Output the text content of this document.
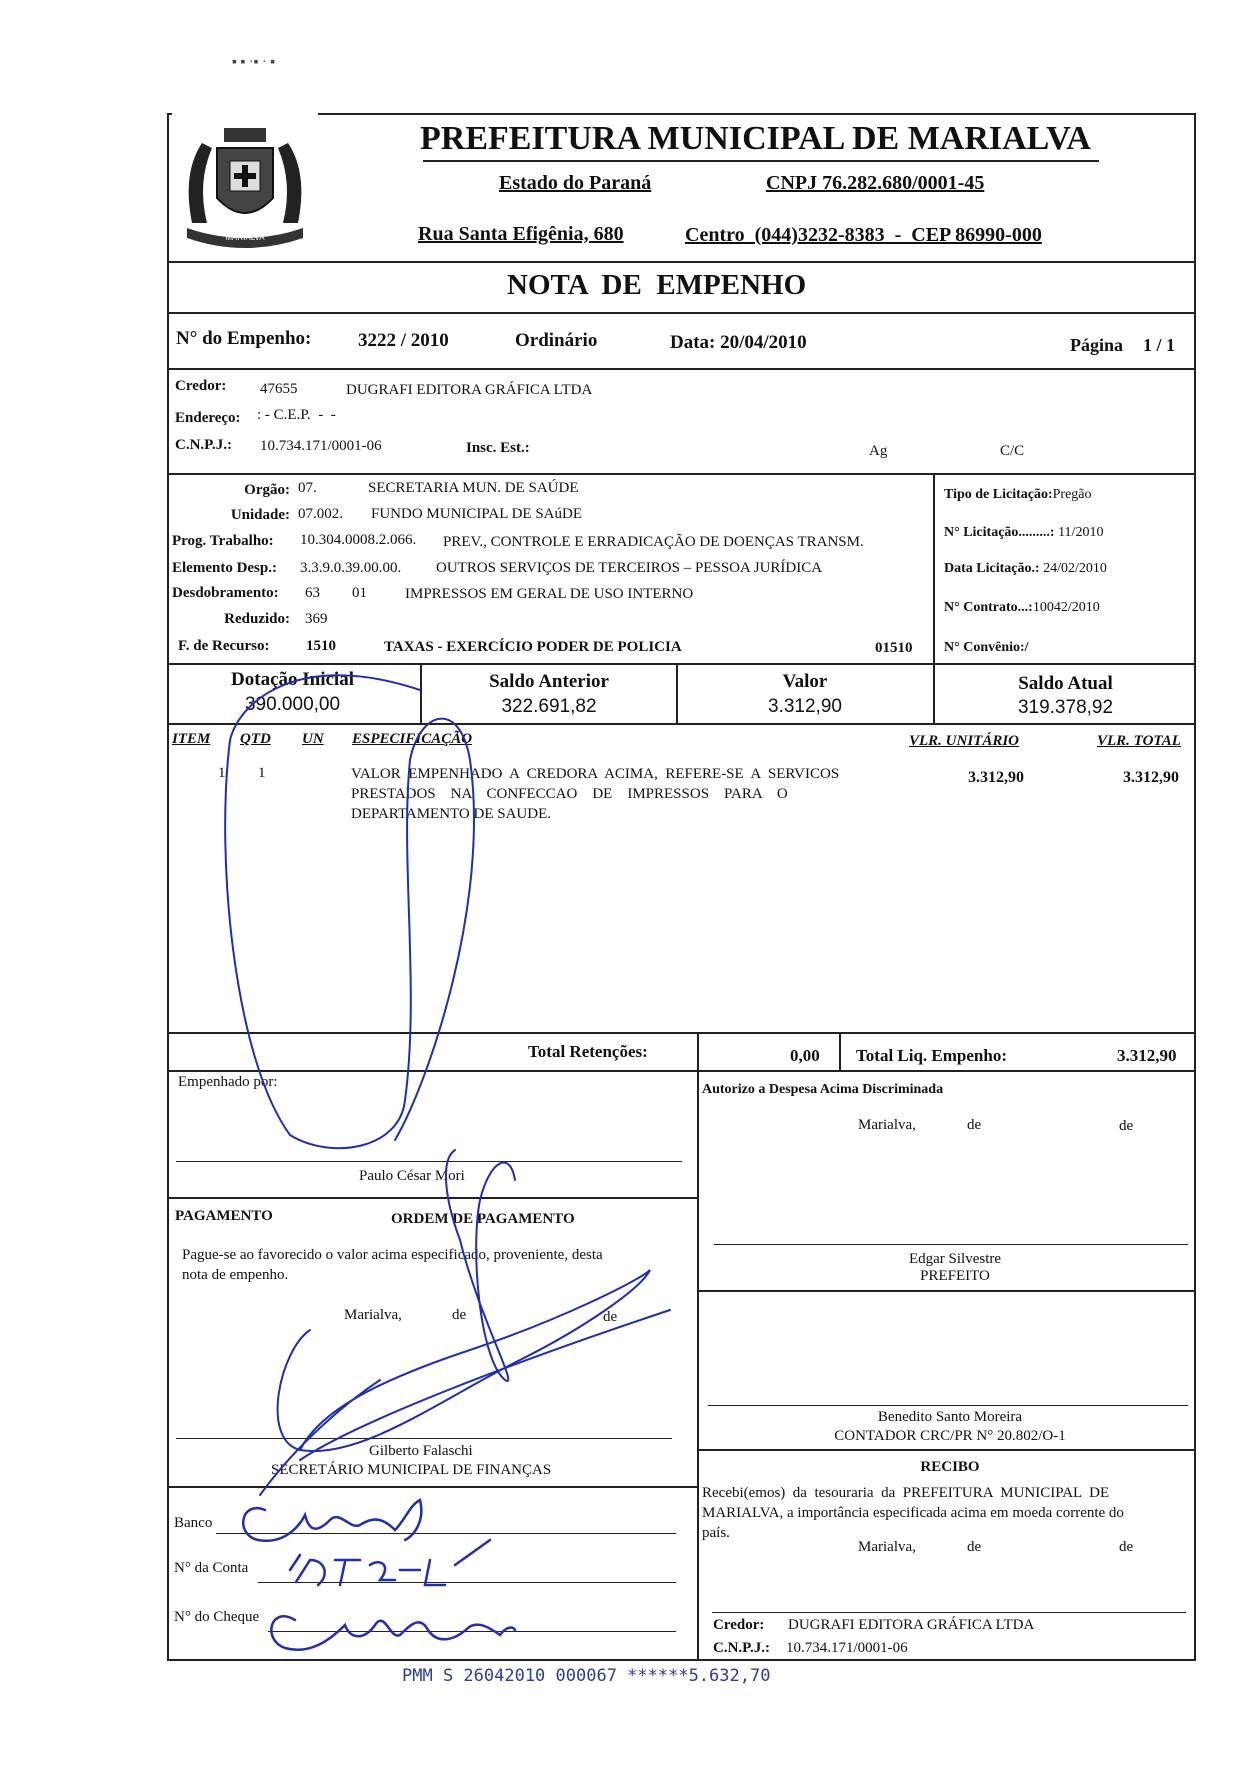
▪ ▪ ·▪ · ▪
MARIALVA
PREFEITURA MUNICIPAL DE MARIALVA
Estado do Paraná	CNPJ 76.282.680/0001-45
Rua Santa Efigênia, 680	Centro  (044)3232-8383  -  CEP 86990-000
NOTA  DE  EMPENHO
N° do Empenho: 3222 / 2010	Ordinário	Data: 20/04/2010	Página 1 / 1
Credor: 47655	DUGRAFI EDITORA GRÁFICA LTDA
Endereço: : - C.E.P.  -  -
C.N.P.J.: 10.734.171/0001-06	Insc. Est.:	Ag	C/C
Orgão: 07.	SECRETARIA MUN. DE SAÚDE
Unidade: 07.002. FUNDO MUNICIPAL DE SAúDE
Prog. Trabalho: 10.304.0008.2.066. PREV., CONTROLE E ERRADICAÇÃO DE DOENÇAS TRANSM.
Elemento Desp.: 3.3.9.0.39.00.00. OUTROS SERVIÇOS DE TERCEIROS – PESSOA JURÍDICA
Desdobramento: 63 01	IMPRESSOS EM GERAL DE USO INTERNO
Reduzido: 369
F. de Recurso: 1510	TAXAS - EXERCÍCIO PODER DE POLICIA	01510
Tipo de Licitação:Pregão
N° Licitação.........: 11/2010
Data Licitação.: 24/02/2010
N° Contrato...:10042/2010
N° Convênio:/
Dotação Inicial
390.000,00
Saldo Anterior
322.691,82
Valor
3.312,90
Saldo Atual
319.378,92
ITEM QTD UN ESPECIFICAÇÃO	VLR. UNITÁRIO	VLR. TOTAL
1 1	VALOR  EMPENHADO  A  CREDORA  ACIMA,  REFERE-SE  A  SERVICOS
PRESTADOS    NA    CONFECCAO    DE    IMPRESSOS    PARA    O
DEPARTAMENTO DE SAUDE.
3.312,90	3.312,90
Total Retenções:	0,00 Total Liq. Empenho:	3.312,90
Empenhado por:
Paulo César Mori
Autorizo a Despesa Acima Discriminada
Marialva,	de	de
Edgar Silvestre
PREFEITO
PAGAMENTO	ORDEM DE PAGAMENTO
Pague-se ao favorecido o valor acima especificado, proveniente, desta
nota de empenho.
Marialva,	de	de
Gilberto Falaschi
SECRETÁRIO MUNICIPAL DE FINANÇAS
Benedito Santo Moreira
CONTADOR CRC/PR N° 20.802/O-1
RECIBO
Recebi(emos)  da  tesouraria  da  PREFEITURA  MUNICIPAL  DE
MARIALVA, a importância especificada acima em moeda corrente do
país.
Marialva,	de	de
Credor: DUGRAFI EDITORA GRÁFICA LTDA
C.N.P.J.: 10.734.171/0001-06
Banco
N° da Conta
N° do Cheque
PMM S 26042010 000067 ******5.632,70
